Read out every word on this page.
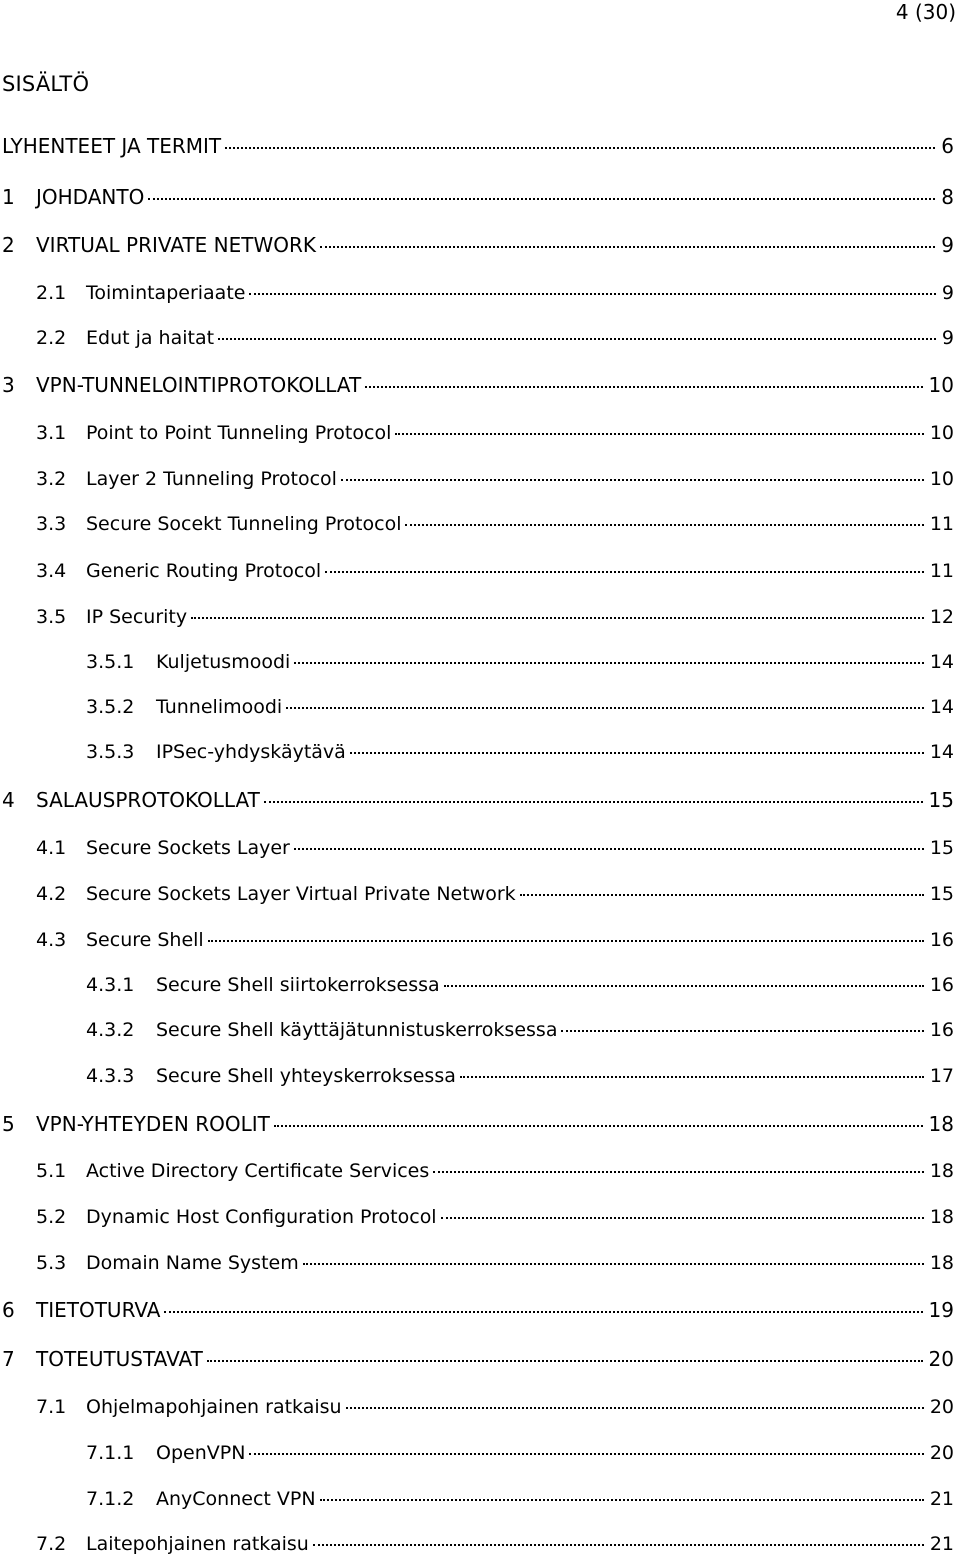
4 (30)
SISÄLTÖ
LYHENTEET JA TERMIT	6
1	JOHDANTO	8
2	VIRTUAL PRIVATE NETWORK	9
2.1	Toimintaperiaate	9
2.2	Edut ja haitat	9
3	VPN-TUNNELOINTIPROTOKOLLAT	10
3.1	Point to Point Tunneling Protocol	10
3.2	Layer 2 Tunneling Protocol	10
3.3	Secure Socekt Tunneling Protocol	11
3.4	Generic Routing Protocol	11
3.5	IP Security	12
3.5.1	Kuljetusmoodi	14
3.5.2	Tunnelimoodi	14
3.5.3	IPSec-yhdyskäytävä	14
4	SALAUSPROTOKOLLAT	15
4.1	Secure Sockets Layer	15
4.2	Secure Sockets Layer Virtual Private Network	15
4.3	Secure Shell	16
4.3.1	Secure Shell siirtokerroksessa	16
4.3.2	Secure Shell käyttäjätunnistuskerroksessa	16
4.3.3	Secure Shell yhteyskerroksessa	17
5	VPN-YHTEYDEN ROOLIT	18
5.1	Active Directory Certificate Services	18
5.2	Dynamic Host Configuration Protocol	18
5.3	Domain Name System	18
6	TIETOTURVA	19
7	TOTEUTUSTAVAT	20
7.1	Ohjelmapohjainen ratkaisu	20
7.1.1	OpenVPN	20
7.1.2	AnyConnect VPN	21
7.2	Laitepohjainen ratkaisu	21
